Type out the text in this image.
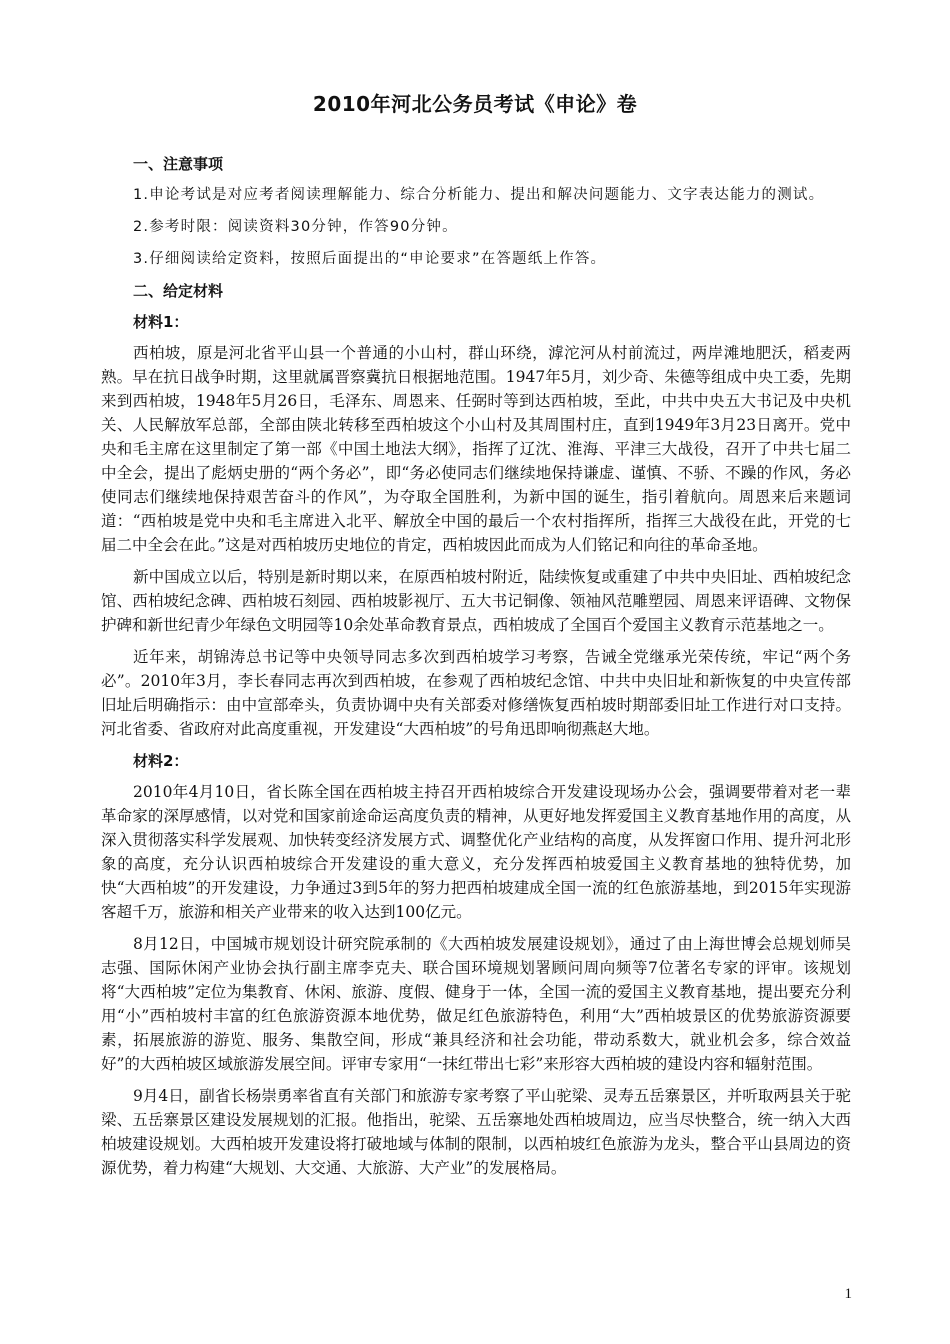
2010年河北公务员考试《申论》卷
一、注意事项
1.申论考试是对应考者阅读理解能力、综合分析能力、提出和解决问题能力、文字表达能力的测试。
2.参考时限：阅读资料30分钟，作答90分钟。
3.仔细阅读给定资料，按照后面提出的“申论要求”在答题纸上作答。
二、给定材料
材料1：
西柏坡，原是河北省平山县一个普通的小山村，群山环绕，滹沱河从村前流过，两岸滩地肥沃，稻麦两熟。早在抗日战争时期，这里就属晋察冀抗日根据地范围。1947年5月，刘少奇、朱德等组成中央工委，先期来到西柏坡，1948年5月26日，毛泽东、周恩来、任弼时等到达西柏坡，至此，中共中央五大书记及中央机关、人民解放军总部，全部由陕北转移至西柏坡这个小山村及其周围村庄，直到1949年3月23日离开。党中央和毛主席在这里制定了第一部《中国土地法大纲》，指挥了辽沈、淮海、平津三大战役，召开了中共七届二中全会，提出了彪炳史册的“两个务必”，即“务必使同志们继续地保持谦虚、谨慎、不骄、不躁的作风，务必使同志们继续地保持艰苦奋斗的作风”，为夺取全国胜利，为新中国的诞生，指引着航向。周恩来后来题词道：“西柏坡是党中央和毛主席进入北平、解放全中国的最后一个农村指挥所，指挥三大战役在此，开党的七届二中全会在此。”这是对西柏坡历史地位的肯定，西柏坡因此而成为人们铭记和向往的革命圣地。
新中国成立以后，特别是新时期以来，在原西柏坡村附近，陆续恢复或重建了中共中央旧址、西柏坡纪念馆、西柏坡纪念碑、西柏坡石刻园、西柏坡影视厅、五大书记铜像、领袖风范雕塑园、周恩来评语碑、文物保护碑和新世纪青少年绿色文明园等10余处革命教育景点，西柏坡成了全国百个爱国主义教育示范基地之一。
近年来，胡锦涛总书记等中央领导同志多次到西柏坡学习考察，告诫全党继承光荣传统，牢记“两个务必”。2010年3月，李长春同志再次到西柏坡，在参观了西柏坡纪念馆、中共中央旧址和新恢复的中央宣传部旧址后明确指示：由中宣部牵头，负责协调中央有关部委对修缮恢复西柏坡时期部委旧址工作进行对口支持。河北省委、省政府对此高度重视，开发建设“大西柏坡”的号角迅即响彻燕赵大地。
材料2：
2010年4月10日，省长陈全国在西柏坡主持召开西柏坡综合开发建设现场办公会，强调要带着对老一辈革命家的深厚感情，以对党和国家前途命运高度负责的精神，从更好地发挥爱国主义教育基地作用的高度，从深入贯彻落实科学发展观、加快转变经济发展方式、调整优化产业结构的高度，从发挥窗口作用、提升河北形象的高度，充分认识西柏坡综合开发建设的重大意义，充分发挥西柏坡爱国主义教育基地的独特优势，加快“大西柏坡”的开发建设，力争通过3到5年的努力把西柏坡建成全国一流的红色旅游基地，到2015年实现游客超千万，旅游和相关产业带来的收入达到100亿元。
8月12日，中国城市规划设计研究院承制的《大西柏坡发展建设规划》，通过了由上海世博会总规划师吴志强、国际休闲产业协会执行副主席李克夫、联合国环境规划署顾问周向频等7位著名专家的评审。该规划将“大西柏坡”定位为集教育、休闲、旅游、度假、健身于一体，全国一流的爱国主义教育基地，提出要充分利用“小”西柏坡村丰富的红色旅游资源本地优势，做足红色旅游特色，利用“大”西柏坡景区的优势旅游资源要素，拓展旅游的游览、服务、集散空间，形成“兼具经济和社会功能，带动系数大，就业机会多，综合效益好”的大西柏坡区域旅游发展空间。评审专家用“一抹红带出七彩”来形容大西柏坡的建设内容和辐射范围。
9月4日，副省长杨崇勇率省直有关部门和旅游专家考察了平山驼梁、灵寿五岳寨景区，并听取两县关于驼梁、五岳寨景区建设发展规划的汇报。他指出，驼梁、五岳寨地处西柏坡周边，应当尽快整合，统一纳入大西柏坡建设规划。大西柏坡开发建设将打破地域与体制的限制，以西柏坡红色旅游为龙头，整合平山县周边的资源优势，着力构建“大规划、大交通、大旅游、大产业”的发展格局。
1
